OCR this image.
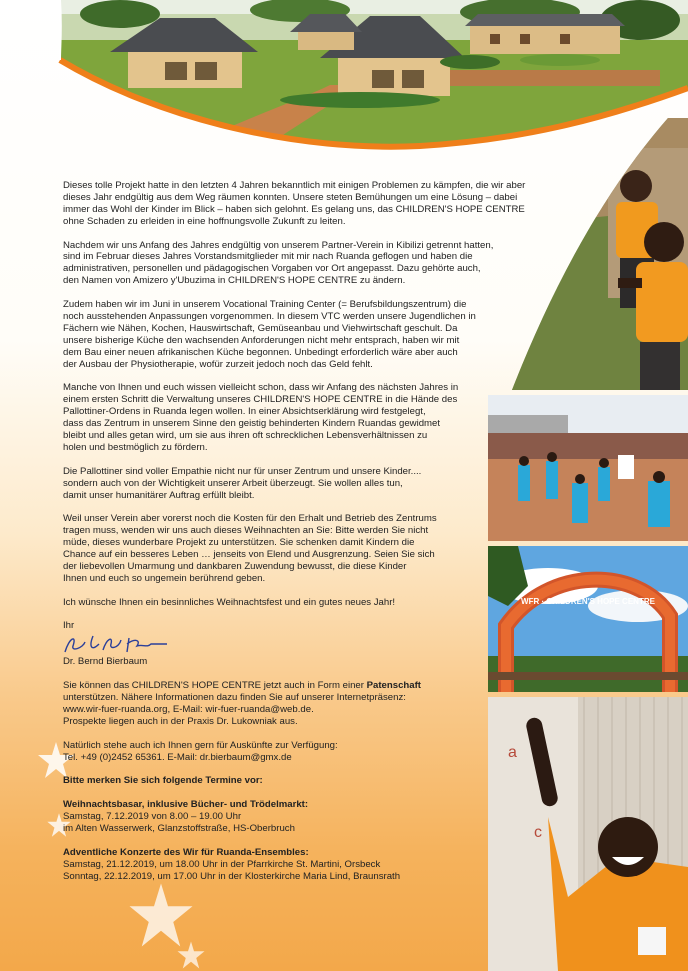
WFR · CHILDREN'S HOPE CENTRE
a
c

Dieses tolle Projekt hatte in den letzten 4 Jahren bekanntlich mit einigen Problemen zu kämpfen, die wir aber
dieses Jahr endgültig aus dem Weg räumen konnten. Unsere steten Bemühungen um eine Lösung – dabei
immer das Wohl der Kinder im Blick – haben sich gelohnt. Es gelang uns, das CHILDREN'S HOPE CENTRE
ohne Schaden zu erleiden in eine hoffnungsvolle Zukunft zu leiten.

Nachdem wir uns Anfang des Jahres endgültig von unserem Partner-Verein in Kibilizi getrennt hatten,
sind im Februar dieses Jahres Vorstandsmitglieder mit mir nach Ruanda geflogen und haben die
administrativen, personellen und pädagogischen Vorgaben vor Ort angepasst. Dazu gehörte auch,
den Namen von Amizero y'Ubuzima in CHILDREN'S HOPE CENTRE zu ändern.

Zudem haben wir im Juni in unserem Vocational Training Center (= Berufsbildungszentrum) die
noch ausstehenden Anpassungen vorgenommen. In diesem VTC werden unsere Jugendlichen in
Fächern wie Nähen, Kochen, Hauswirtschaft, Gemüseanbau und Viehwirtschaft geschult. Da
unsere bisherige Küche den wachsenden Anforderungen nicht mehr entsprach, haben wir mit
dem Bau einer neuen afrikanischen Küche begonnen. Unbedingt erforderlich wäre aber auch
der Ausbau der Physiotherapie, wofür zurzeit jedoch noch das Geld fehlt.

Manche von Ihnen und euch wissen vielleicht schon, dass wir Anfang des nächsten Jahres in
einem ersten Schritt die Verwaltung unseres CHILDREN'S HOPE CENTRE in die Hände des
Pallottiner-Ordens in Ruanda legen wollen. In einer Absichtserklärung wird festgelegt,
dass das Zentrum in unserem Sinne den geistig behinderten Kindern Ruandas gewidmet
bleibt und alles getan wird, um sie aus ihren oft schrecklichen Lebensverhältnissen zu
holen und bestmöglich zu fördern.

Die Pallottiner sind voller Empathie nicht nur für unser Zentrum und unsere Kinder....
sondern auch von der Wichtigkeit unserer Arbeit überzeugt. Sie wollen alles tun,
damit unser humanitärer Auftrag erfüllt bleibt.

Weil unser Verein aber vorerst noch die Kosten für den Erhalt und Betrieb des Zentrums
tragen muss, wenden wir uns auch dieses Weihnachten an Sie: Bitte werden Sie nicht
müde, dieses wunderbare Projekt zu unterstützen. Sie schenken damit Kindern die
Chance auf ein besseres Leben … jenseits von Elend und Ausgrenzung. Seien Sie sich
der liebevollen Umarmung und dankbaren Zuwendung bewusst, die diese Kinder
Ihnen und euch so ungemein berührend geben.

Ich wünsche Ihnen ein besinnliches Weihnachtsfest und ein gutes neues Jahr!

Ihr

Dr. Bernd Bierbaum

Sie können das CHILDREN'S HOPE CENTRE jetzt auch in Form einer Patenschaft
unterstützen. Nähere Informationen dazu finden Sie auf unserer Internetpräsenz:
www.wir-fuer-ruanda.org, E-Mail: wir-fuer-ruanda@web.de.
Prospekte liegen auch in der Praxis Dr. Lukowniak aus.

Natürlich stehe auch ich Ihnen gern für Auskünfte zur Verfügung:
Tel. +49 (0)2452 65361. E-Mail: dr.bierbaum@gmx.de

Bitte merken Sie sich folgende Termine vor:

Weihnachtsbasar, inklusive Bücher- und Trödelmarkt:
Samstag, 7.12.2019 von 8.00 – 19.00 Uhr
im Alten Wasserwerk, Glanzstoffstraße, HS-Oberbruch

Adventliche Konzerte des Wir für Ruanda-Ensembles:
Samstag, 21.12.2019, um 18.00 Uhr in der Pfarrkirche St. Martini, Orsbeck
Sonntag, 22.12.2019, um 17.00 Uhr in der Klosterkirche Maria Lind, Braunsrath
